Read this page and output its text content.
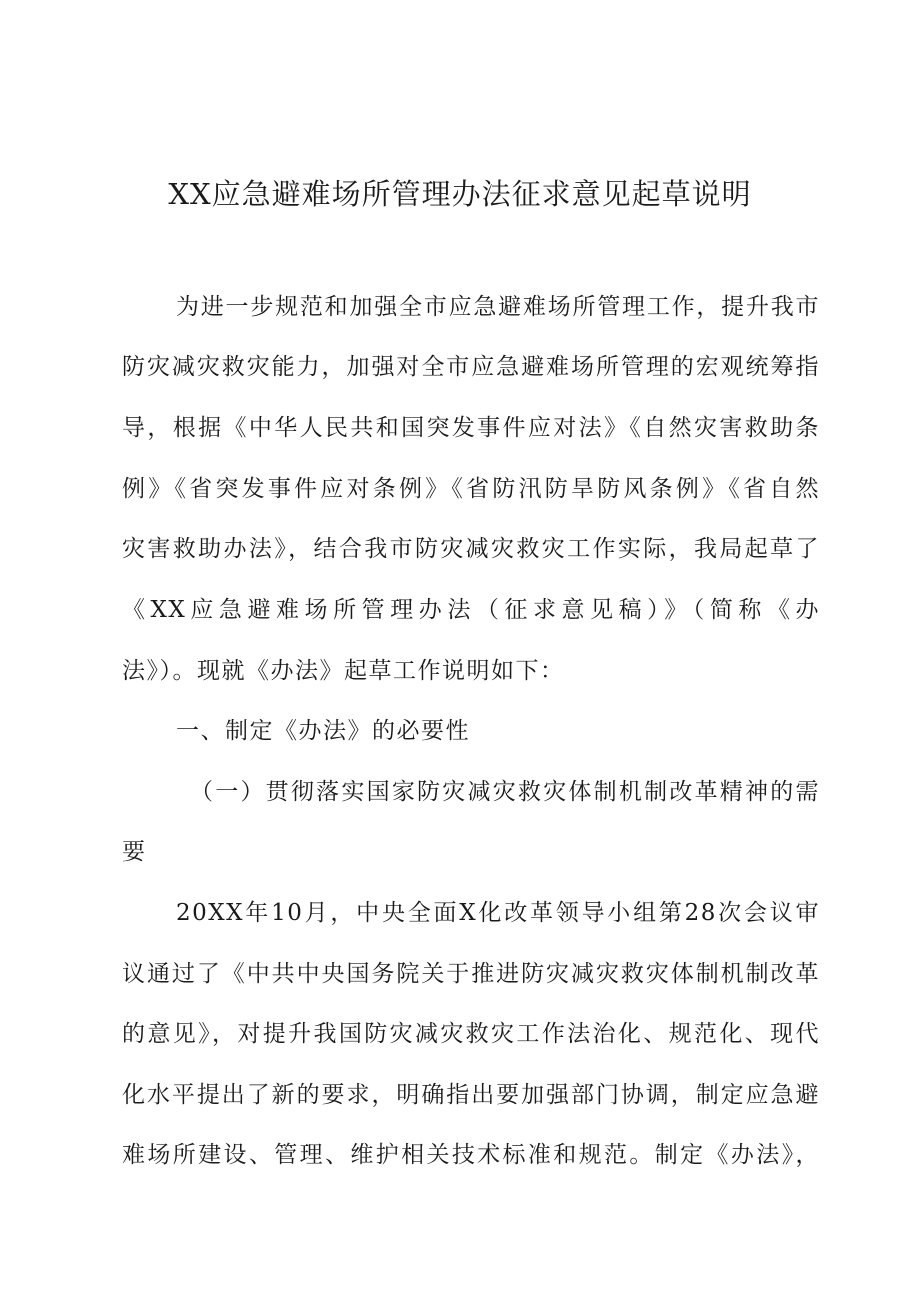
XX应急避难场所管理办法征求意见起草说明
为进一步规范和加强全市应急避难场所管理工作，提升我市
防灾减灾救灾能力，加强对全市应急避难场所管理的宏观统筹指
导，根据《中华人民共和国突发事件应对法》《自然灾害救助条
例》《省突发事件应对条例》《省防汛防旱防风条例》《省自然
灾害救助办法》，结合我市防灾减灾救灾工作实际，我局起草了
《XX应急避难场所管理办法（征求意见稿）》（简称《办
法》）。现就《办法》起草工作说明如下：
一、制定《办法》的必要性
（一）贯彻落实国家防灾减灾救灾体制机制改革精神的需
要
20XX年10月，中央全面X化改革领导小组第28次会议审
议通过了《中共中央国务院关于推进防灾减灾救灾体制机制改革
的意见》，对提升我国防灾减灾救灾工作法治化、规范化、现代
化水平提出了新的要求，明确指出要加强部门协调，制定应急避
难场所建设、管理、维护相关技术标准和规范。制定《办法》，
